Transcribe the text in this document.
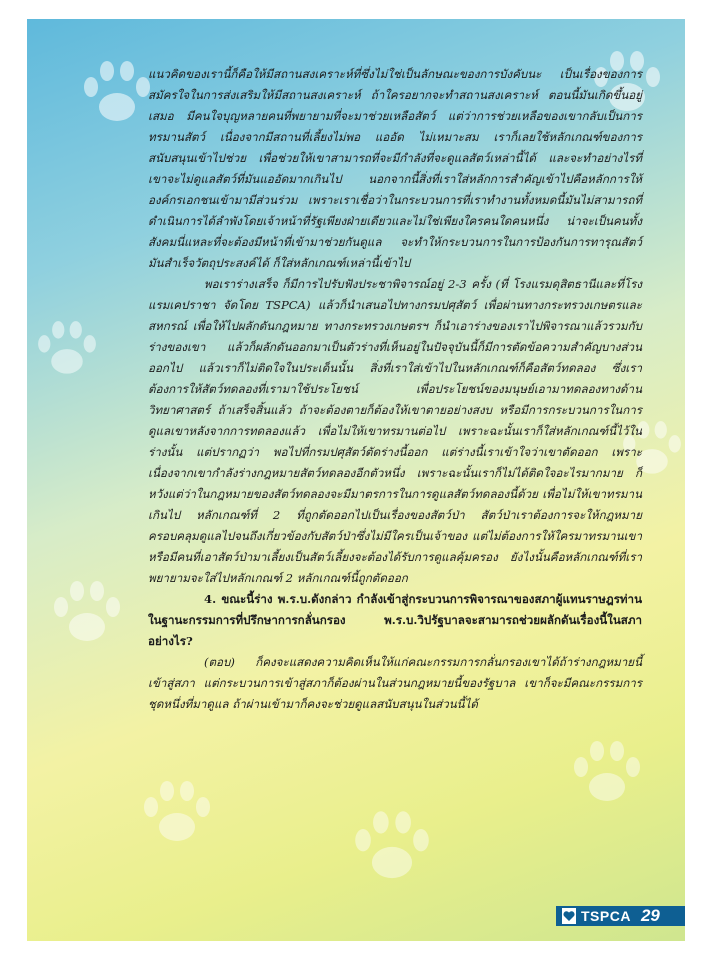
แนวคิดของเรานี้ก็คือให้มีสถานสงเคราะห์ที่ซึ่งไม่ใช่เป็นลักษณะของการบังคับนะ เป็นเรื่องของการสมัครใจในการส่งเสริมให้มีสถานสงเคราะห์ ถ้าใครอยากจะทำสถานสงเคราะห์ ตอนนี้มันเกิดขึ้นอยู่เสมอ มีคนใจบุญหลายคนที่พยายามที่จะมาช่วยเหลือสัตว์ แต่ว่าการช่วยเหลือของเขากลับเป็นการทรมานสัตว์ เนื่องจากมีสถานที่เลี้ยงไม่พอ แออัด ไม่เหมาะสม เราก็เลยใช้หลักเกณฑ์ของการสนับสนุนเข้าไปช่วย เพื่อช่วยให้เขาสามารถที่จะมีกำลังที่จะดูแลสัตว์เหล่านี้ได้ และจะทำอย่างไรที่เขาจะไม่ดูแลสัตว์ที่มันแออัดมากเกินไป นอกจากนี้สิ่งที่เราใส่หลักการสำคัญเข้าไปคือหลักการให้องค์กรเอกชนเข้ามามีส่วนร่วม เพราะเราเชื่อว่าในกระบวนการที่เราทำงานทั้งหมดนี้มันไม่สามารถที่ดำเนินการได้ลำพังโดยเจ้าหน้าที่รัฐเพียงฝ่ายเดียวและไม่ใช่เพียงใครคนใดคนหนึ่ง น่าจะเป็นคนทั้งสังคมนี่แหละที่จะต้องมีหน้าที่เข้ามาช่วยกันดูแล จะทำให้กระบวนการในการป้องกันการทารุณสัตว์มันสำเร็จวัตถุประสงค์ได้ ก็ใส่หลักเกณฑ์เหล่านี้เข้าไป

พอเราร่างเสร็จ ก็มีการไปรับฟังประชาพิจารณ์อยู่ 2-3 ครั้ง (ที่ โรงแรมดุสิตธานีและที่โรงแรมเคปราชา จัดโดย TSPCA) แล้วก็นำเสนอไปทางกรมปศุสัตว์ เพื่อผ่านทางกระทรวงเกษตรและสหกรณ์ เพื่อให้ไปผลักดันกฎหมาย ทางกระทรวงเกษตรฯ ก็นำเอาร่างของเราไปพิจารณาแล้วรวมกับร่างของเขา แล้วก็ผลักดันออกมาเป็นตัวร่างที่เห็นอยู่ในปัจจุบันนี้ก็มีการตัดข้อความสำคัญบางส่วนออกไป แล้วเราก็ไม่ติดใจในประเด็นนั้น สิ่งที่เราใส่เข้าไปในหลักเกณฑ์ก็คือสัตว์ทดลอง ซึ่งเราต้องการให้สัตว์ทดลองที่เรามาใช้ประโยชน์ เพื่อประโยชน์ของมนุษย์เอามาทดลองทางด้านวิทยาศาสตร์ ถ้าเสร็จสิ้นแล้ว ถ้าจะต้องตายก็ต้องให้เขาตายอย่างสงบ หรือมีการกระบวนการในการดูแลเขาหลังจากการทดลองแล้ว เพื่อไม่ให้เขาทรมานต่อไป เพราะฉะนั้นเราก็ใส่หลักเกณฑ์นี้ไว้ในร่างนั้น แต่ปรากฏว่า พอไปที่กรมปศุสัตว์ตัดร่างนี้ออก แต่ร่างนี้เราเข้าใจว่าเขาตัดออก เพราะเนื่องจากเขากำลังร่างกฎหมายสัตว์ทดลองอีกตัวหนึ่ง เพราะฉะนั้นเราก็ไม่ได้ติดใจอะไรมากมาย ก็หวังแต่ว่าในกฎหมายของสัตว์ทดลองจะมีมาตรการในการดูแลสัตว์ทดลองนี้ด้วย เพื่อไม่ให้เขาทรมานเกินไป หลักเกณฑ์ที่ 2 ที่ถูกตัดออกไปเป็นเรื่องของสัตว์ป่า สัตว์ป่าเราต้องการจะให้กฎหมายครอบคลุมดูแลไปจนถึงเกี่ยวข้องกับสัตว์ป่าซึ่งไม่มีใครเป็นเจ้าของ แต่ไม่ต้องการให้ใครมาทรมานเขา หรือมีคนที่เอาสัตว์ป่ามาเลี้ยงเป็นสัตว์เลี้ยงจะต้องได้รับการดูแลคุ้มครอง ยังไงนั้นคือหลักเกณฑ์ที่เราพยายามจะใส่ไปหลักเกณฑ์ 2 หลักเกณฑ์นี้ถูกตัดออก

4. ขณะนี้ร่าง พ.ร.บ.ดังกล่าว กำลังเข้าสู่กระบวนการพิจารณาของสภาผู้แทนราษฎรท่านในฐานะกรรมการที่ปรึกษาการกลั่นกรอง พ.ร.บ.วิปรัฐบาลจะสามารถช่วยผลักดันเรื่องนี้ในสภาอย่างไร?

(ตอบ) ก็คงจะแสดงความคิดเห็นให้แก่คณะกรรมการกลั่นกรองเขาได้ถ้าร่างกฎหมายนี้เข้าสู่สภา แต่กระบวนการเข้าสู่สภาก็ต้องผ่านในส่วนกฎหมายนี้ของรัฐบาล เขาก็จะมีคณะกรรมการชุดหนึ่งที่มาดูแล ถ้าผ่านเข้ามาก็คงจะช่วยดูแลสนับสนุนในส่วนนี้ได้

TSPCA 29
